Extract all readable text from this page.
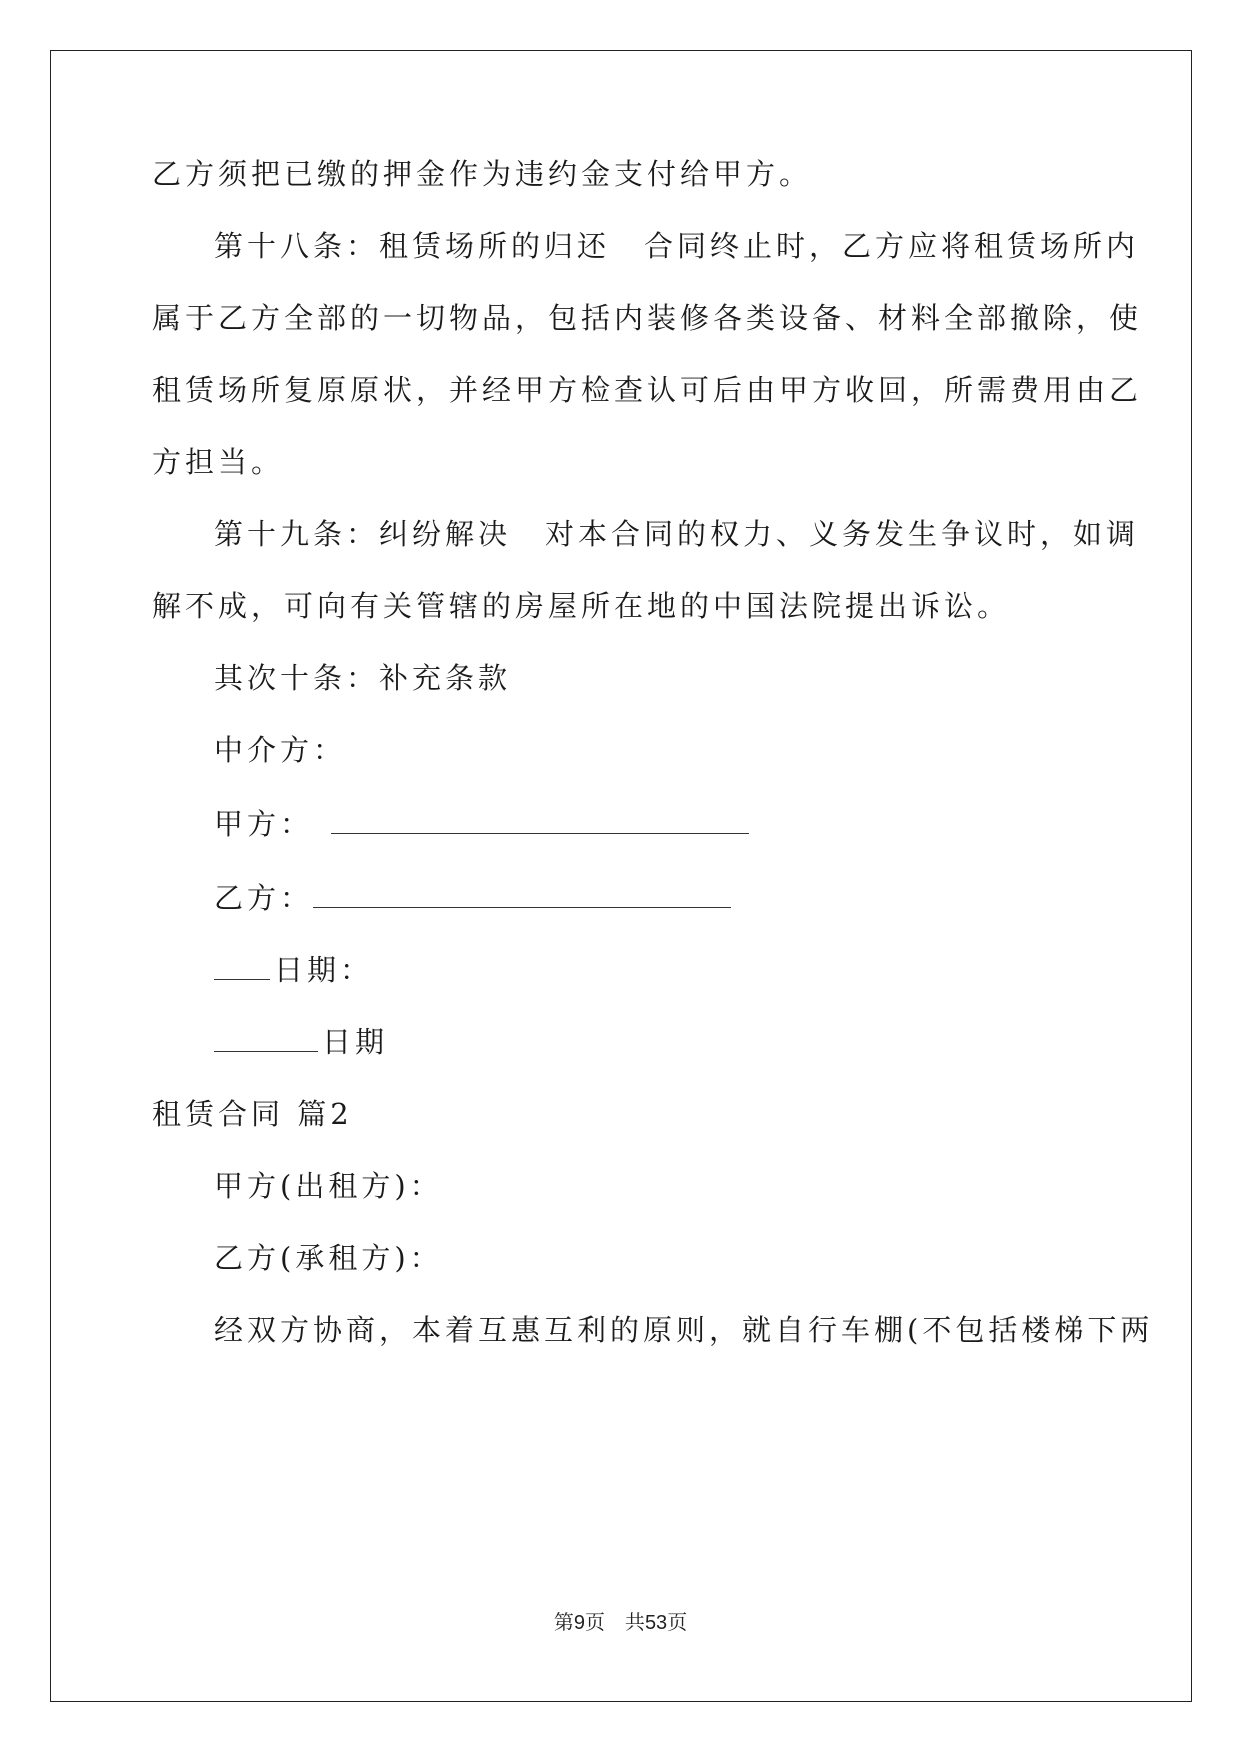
乙方须把已缴的押金作为违约金支付给甲方。
第十八条：租赁场所的归还 合同终止时，乙方应将租赁场所内
属于乙方全部的一切物品，包括内装修各类设备、材料全部撤除，使
租赁场所复原原状，并经甲方检查认可后由甲方收回，所需费用由乙
方担当。
第十九条：纠纷解决 对本合同的权力、义务发生争议时，如调
解不成，可向有关管辖的房屋所在地的中国法院提出诉讼。
其次十条：补充条款
中介方：
甲方：
乙方：
日期：
日期
租赁合同 篇2
甲方(出租方)：
乙方(承租方)：
经双方协商，本着互惠互利的原则，就自行车棚(不包括楼梯下两
第9页　共53页
